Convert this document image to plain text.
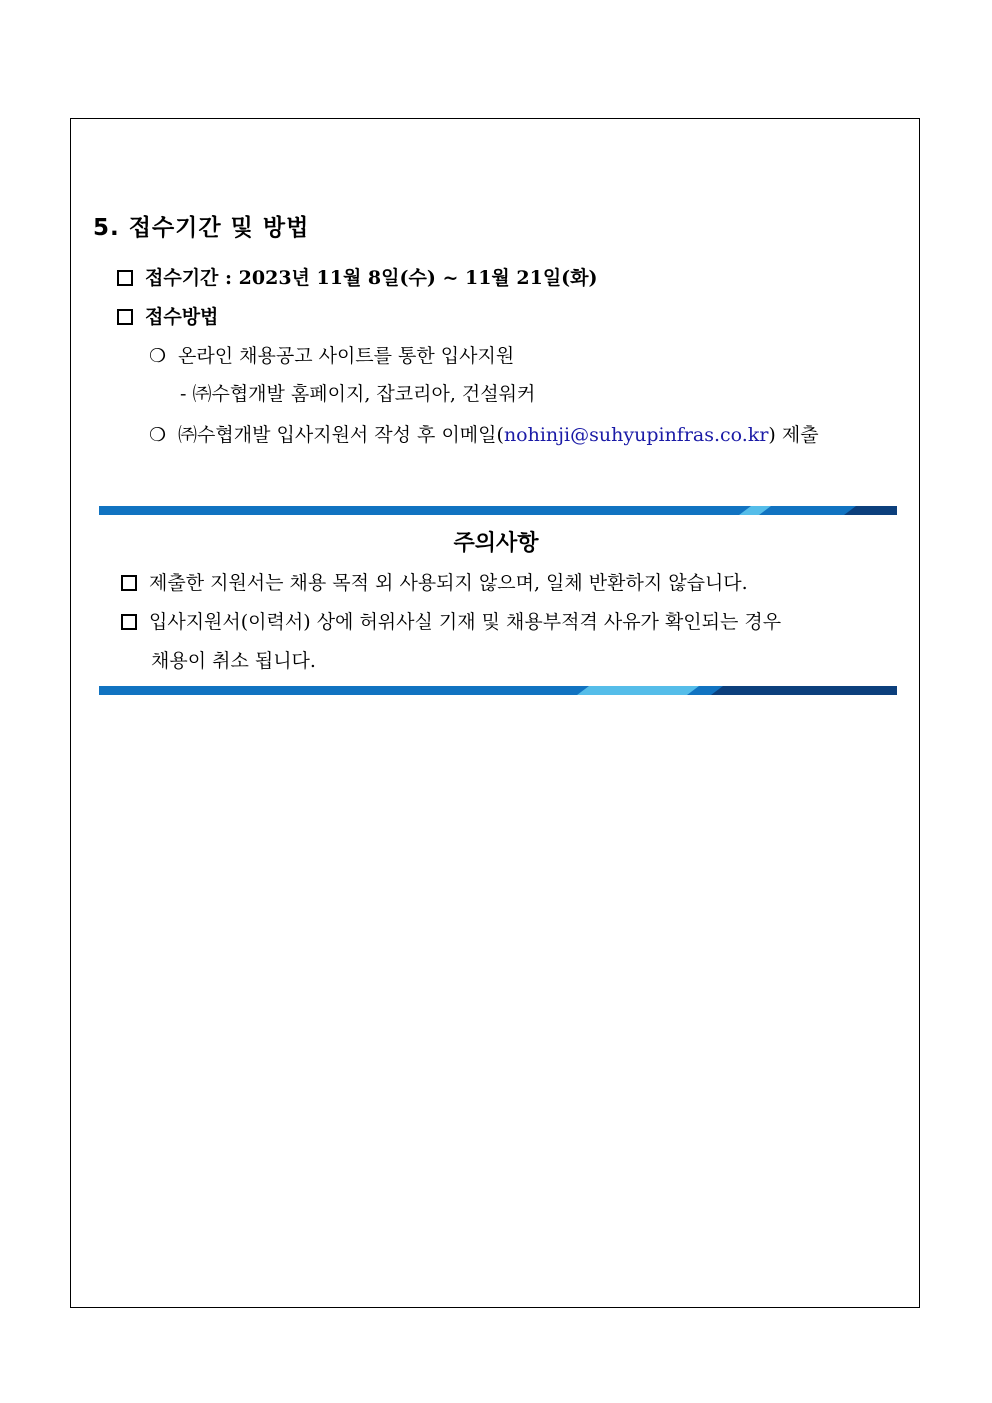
5. 접수기간 및 방법
접수기간 : 2023년 11월 8일(수) ~ 11월 21일(화)
접수방법
❍ 온라인 채용공고 사이트를 통한 입사지원
- ㈜수협개발 홈페이지, 잡코리아, 건설워커
❍ ㈜수협개발 입사지원서 작성 후 이메일(nohinji@suhyupinfras.co.kr) 제출
주의사항
제출한 지원서는 채용 목적 외 사용되지 않으며, 일체 반환하지 않습니다.
입사지원서(이력서) 상에 허위사실 기재 및 채용부적격 사유가 확인되는 경우
채용이 취소 됩니다.
